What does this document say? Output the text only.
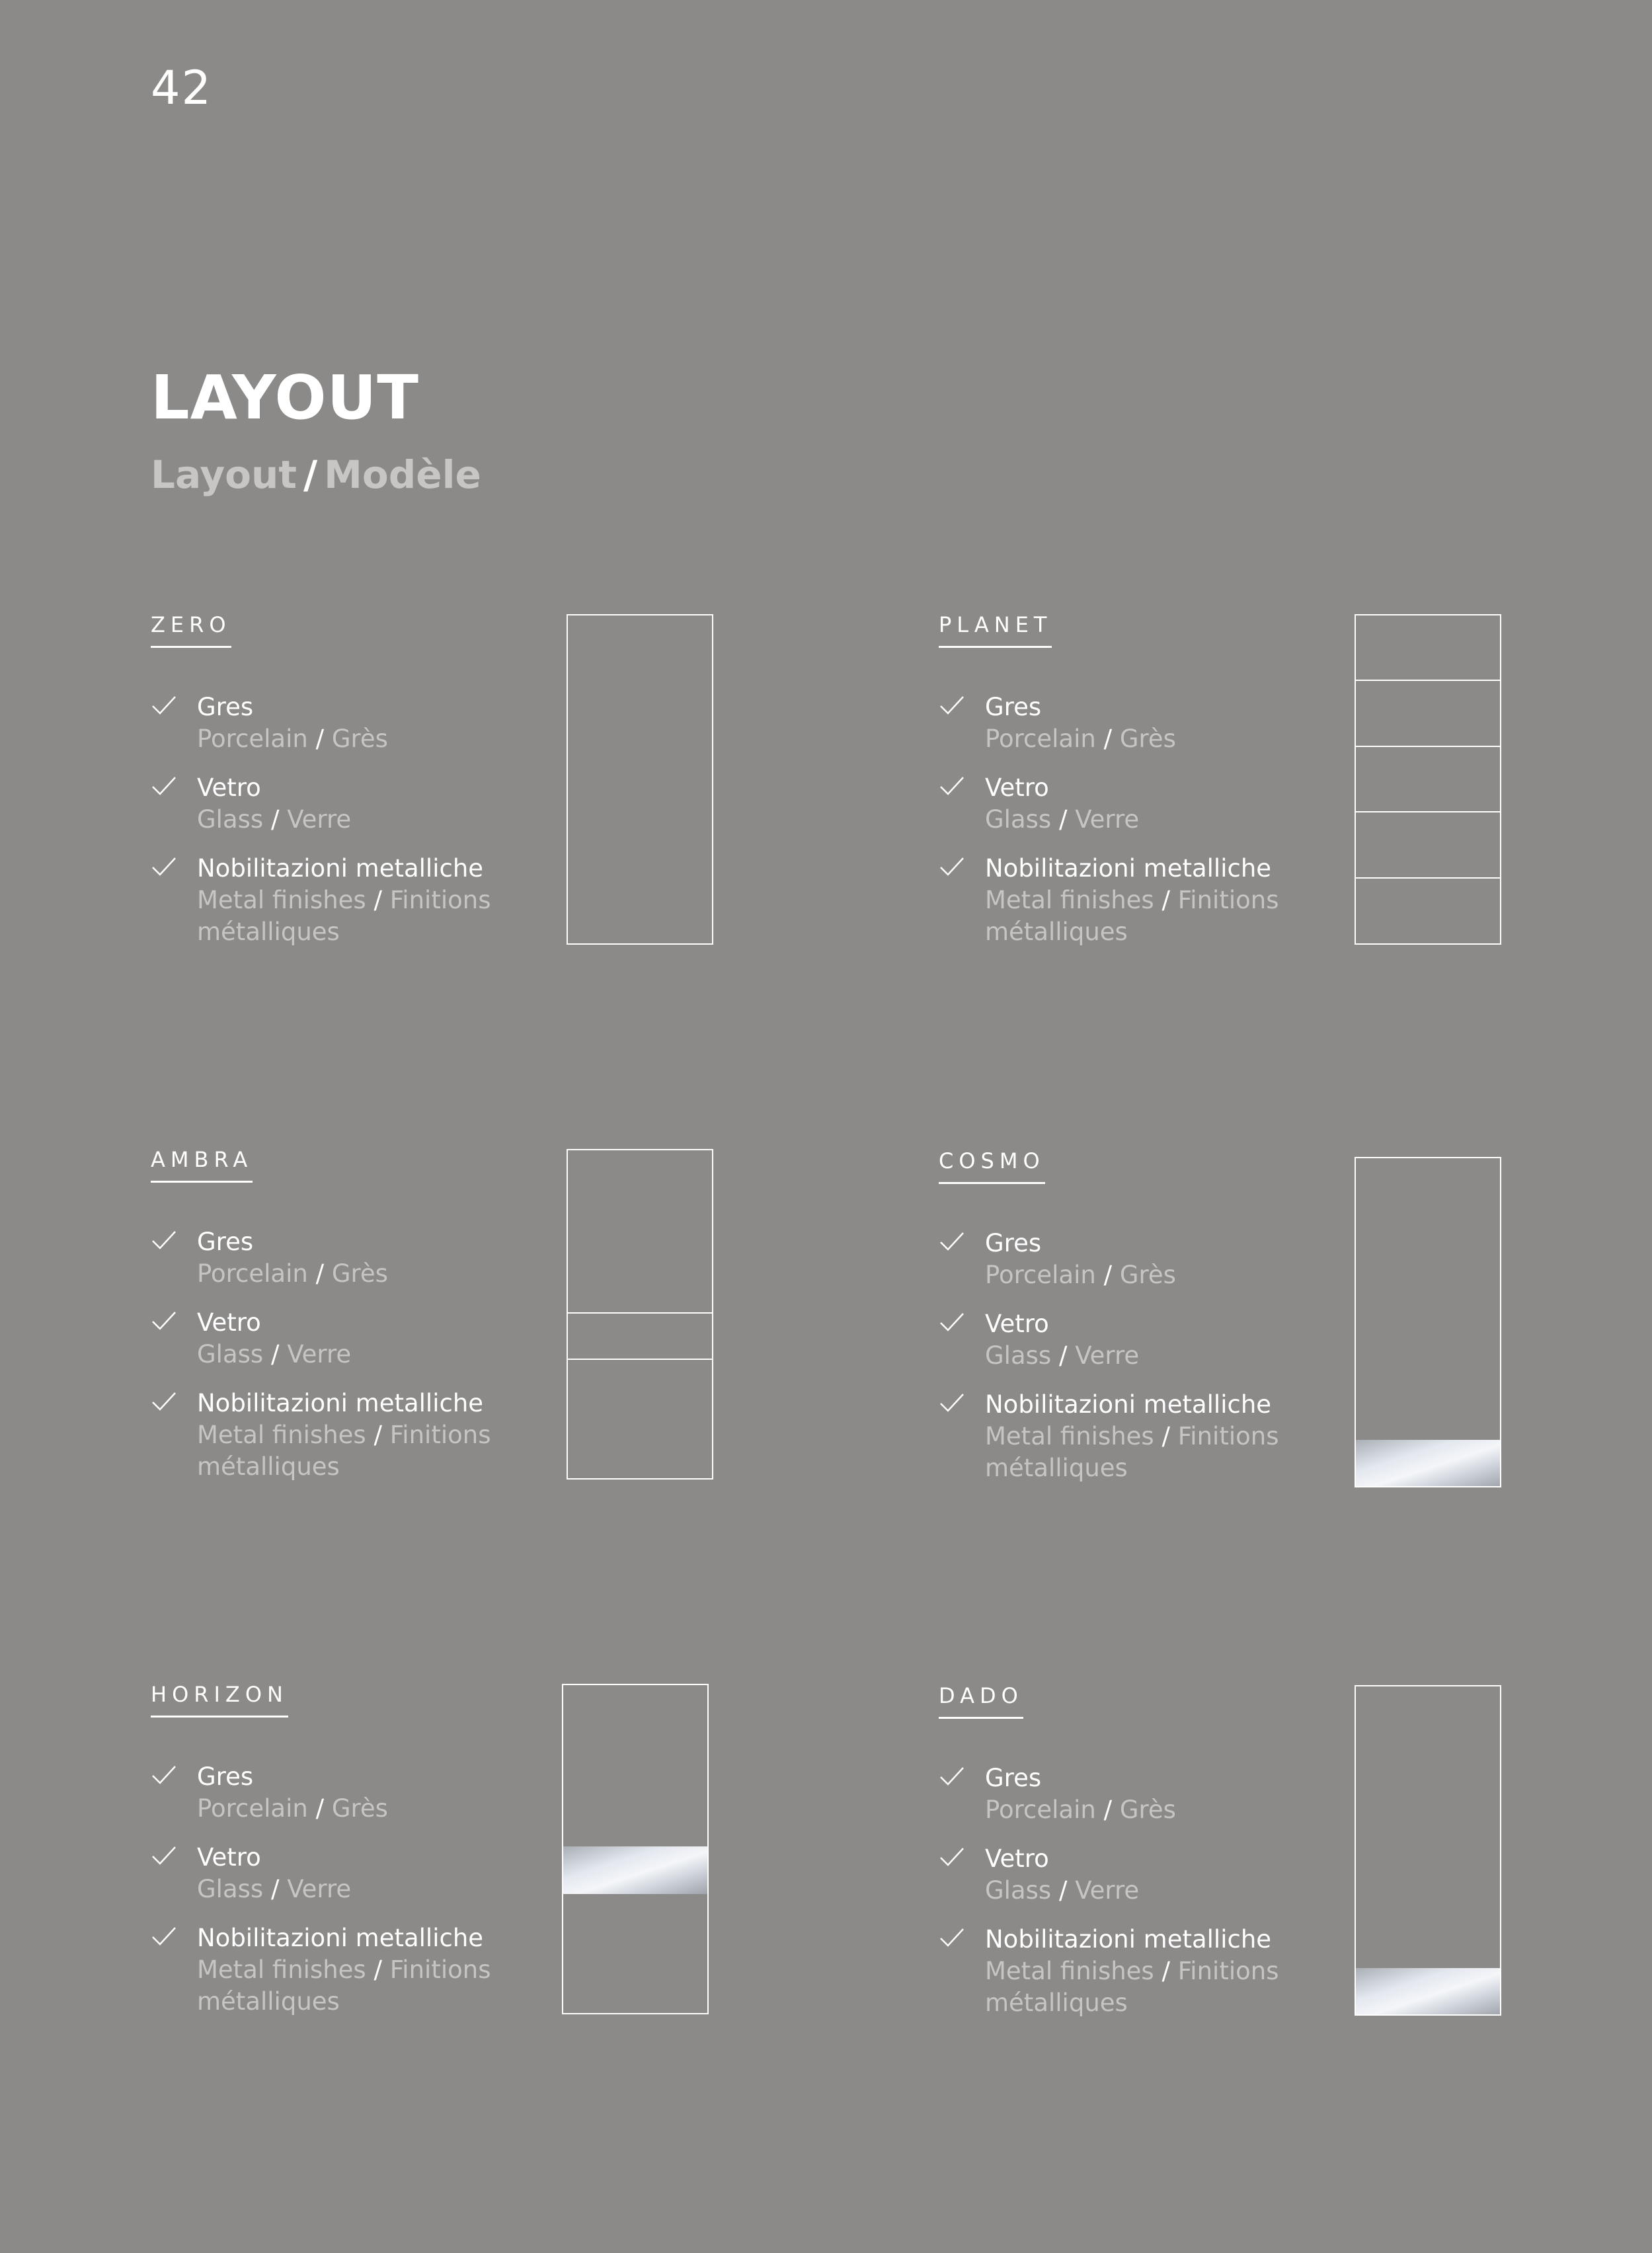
42
LAYOUT
Layout / Modèle
ZERO
Gres
Porcelain / Grès
Vetro
Glass / Verre
Nobilitazioni metalliche
Metal finishes / Finitions métalliques
PLANET
Gres
Porcelain / Grès
Vetro
Glass / Verre
Nobilitazioni metalliche
Metal finishes / Finitions métalliques
AMBRA
Gres
Porcelain / Grès
Vetro
Glass / Verre
Nobilitazioni metalliche
Metal finishes / Finitions métalliques
COSMO
Gres
Porcelain / Grès
Vetro
Glass / Verre
Nobilitazioni metalliche
Metal finishes / Finitions métalliques
HORIZON
Gres
Porcelain / Grès
Vetro
Glass / Verre
Nobilitazioni metalliche
Metal finishes / Finitions métalliques
DADO
Gres
Porcelain / Grès
Vetro
Glass / Verre
Nobilitazioni metalliche
Metal finishes / Finitions métalliques
